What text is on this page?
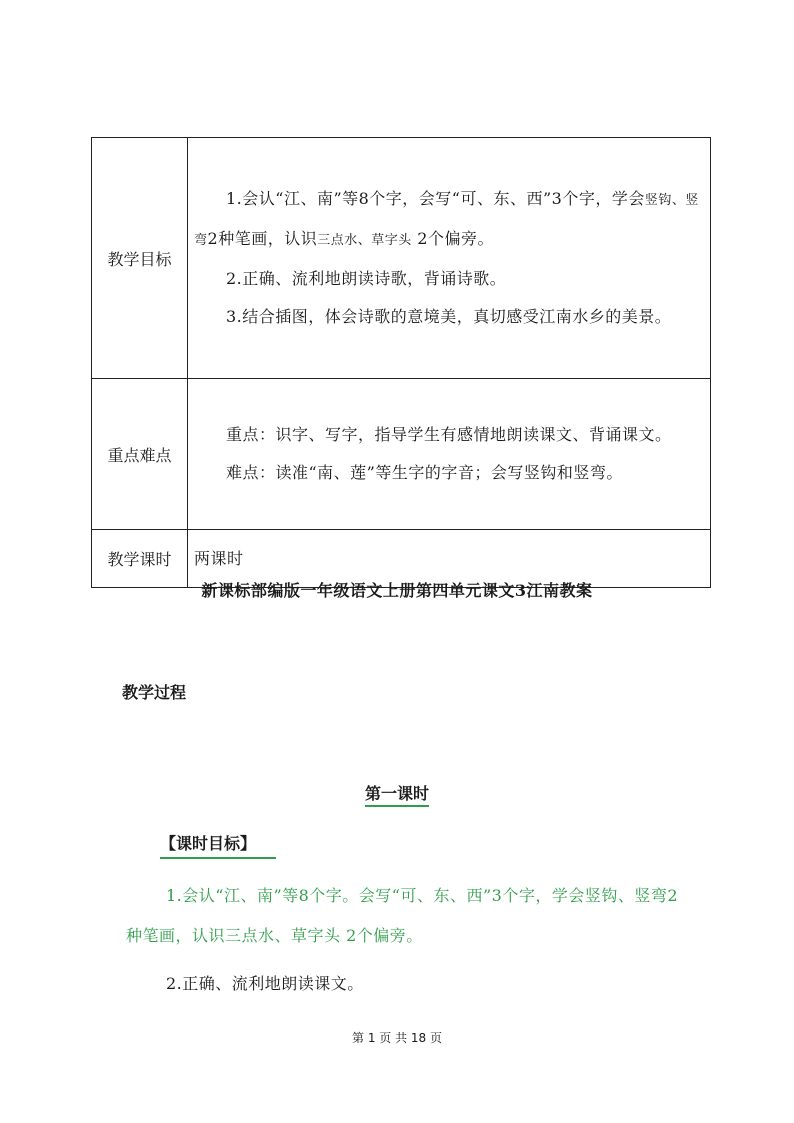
教学目标	1.会认“江、南”等8个字，会写“可、东、西”3个字，学会竖钩、竖弯2种笔画，认识三点水、草字头 2个偏旁。

2.正确、流利地朗读诗歌，背诵诗歌。

3.结合插图，体会诗歌的意境美，真切感受江南水乡的美景。

重点难点	重点：识字、写字，指导学生有感情地朗读课文、背诵课文。

难点：读准“南、莲”等生字的字音；会写竖钩和竖弯。

教学课时	两课时

新课标部编版一年级语文上册第四单元课文3江南教案
教学过程
第一课时
【课时目标】

1.会认“江、南”等8个字。会写“可、东、西”3个字，学会竖钩、竖弯2种笔画，认识三点水、草字头 2个偏旁。

2.正确、流利地朗读课文。

第 1 页 共 18 页
